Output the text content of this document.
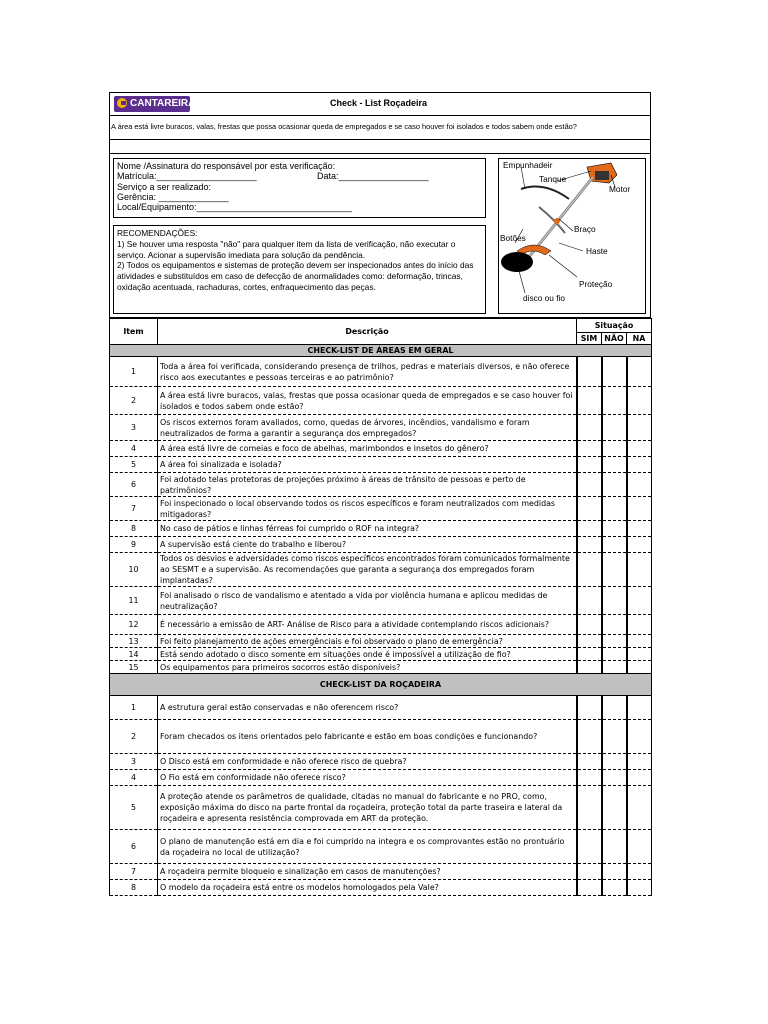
CANTAREIRA	Check - List Roçadeira
A área está livre buracos, valas, frestas que possa ocasionar queda de empregados e se caso houver foi isolados e todos sabem onde estão?
Nome /Assinatura do responsável por esta verificação:
Matrícula:____________________	Data:__________________
Serviço a ser realizado:
Gerência: ______________
Local/Equipamento:_______________________________
RECOMENDAÇÕES:
1) Se houver uma resposta "não" para qualquer item da lista de verificação, não executar o serviço. Acionar a supervisão imediata para solução da pendência.
2) Todos os equipamentos e sistemas de proteção devem ser inspecionados antes do início das atividades e substituídos em caso de defecção de anormalidades como: deformação, trincas, oxidação acentuada, rachaduras, cortes, enfraquecimento das peças.
Empunhadeir
Tanque
Motor
Braço
Botões
Haste
Proteção
disco ou fio
Item	Descrição	Situação		
		SIM	NÃO	NA
CHECK-LIST DE ÁREAS EM GERAL				
1	Toda a área foi verificada, considerando presença de trilhos, pedras e materiais diversos, e não oferece risco aos executantes e pessoas terceiras e ao patrimônio?			
2	A área está livre buracos, valas, frestas que possa ocasionar queda de empregados e se caso houver foi isolados e todos sabem onde estão?			
3	Os riscos externos foram avaliados, como, quedas de árvores, incêndios, vandalismo e foram neutralizados de forma a garantir a segurança dos empregados?			
4	A área está livre de comeias e foco de abelhas, marimbondos e insetos do gênero?			
5	A área foi sinalizada e isolada?			
6	Foi adotado telas protetoras de projeções próximo à áreas de trânsito de pessoas e perto de patrimônios?			
7	Foi inspecionado o local observando todos os riscos específicos e foram neutralizados com medidas mitigadoras?			
8	No caso de pátios e linhas férreas foi cumprido o ROF na integra?			
9	A supervisão está ciente do trabalho e liberou?			
10	Todos os desvios e adversidades como riscos específicos encontrados foram comunicados formalmente ao SESMT e a supervisão. As recomendações que garanta a segurança dos empregados foram implantadas?			
11	Foi analisado o risco de vandalismo e atentado a vida por violência humana e aplicou medidas de neutralização?			
12	É necessário a emissão de ART- Análise de Risco para a atividade contemplando riscos adicionais?			
13	Foi feito planejamento de ações emergênciais e foi observado o plano de emergência?			
14	Está sendo adotado o disco somente em situações onde é impossível a utilização de fio?			
15	Os equipamentos para primeiros socorros estão disponíveis?			
CHECK-LIST DA ROÇADEIRA				
1	A estrutura geral estão conservadas e não oferencem risco?			
2	Foram checados os itens orientados pelo fabricante e estão em boas condições e funcionando?			
3	O Disco está em conformidade e não oferece risco de quebra?			
4	O Fio está em conformidade não oferece risco?			
5	A proteção atende os parâmetros de qualidade, citadas no manual do fabricante e no PRO, como, exposição máxima do disco na parte frontal da roçadeira, proteção total da parte traseira e lateral da roçadeira e apresenta resistência comprovada em ART da proteção.			
6	O plano de manutenção está em dia e foi cumprido na integra e os comprovantes estão no prontuário da roçadeira no local de utilização?			
7	A roçadeira permite bloqueio e sinalização em casos de manutenções?			
8	O modelo da roçadeira está entre os modelos homologados pela Vale?			
